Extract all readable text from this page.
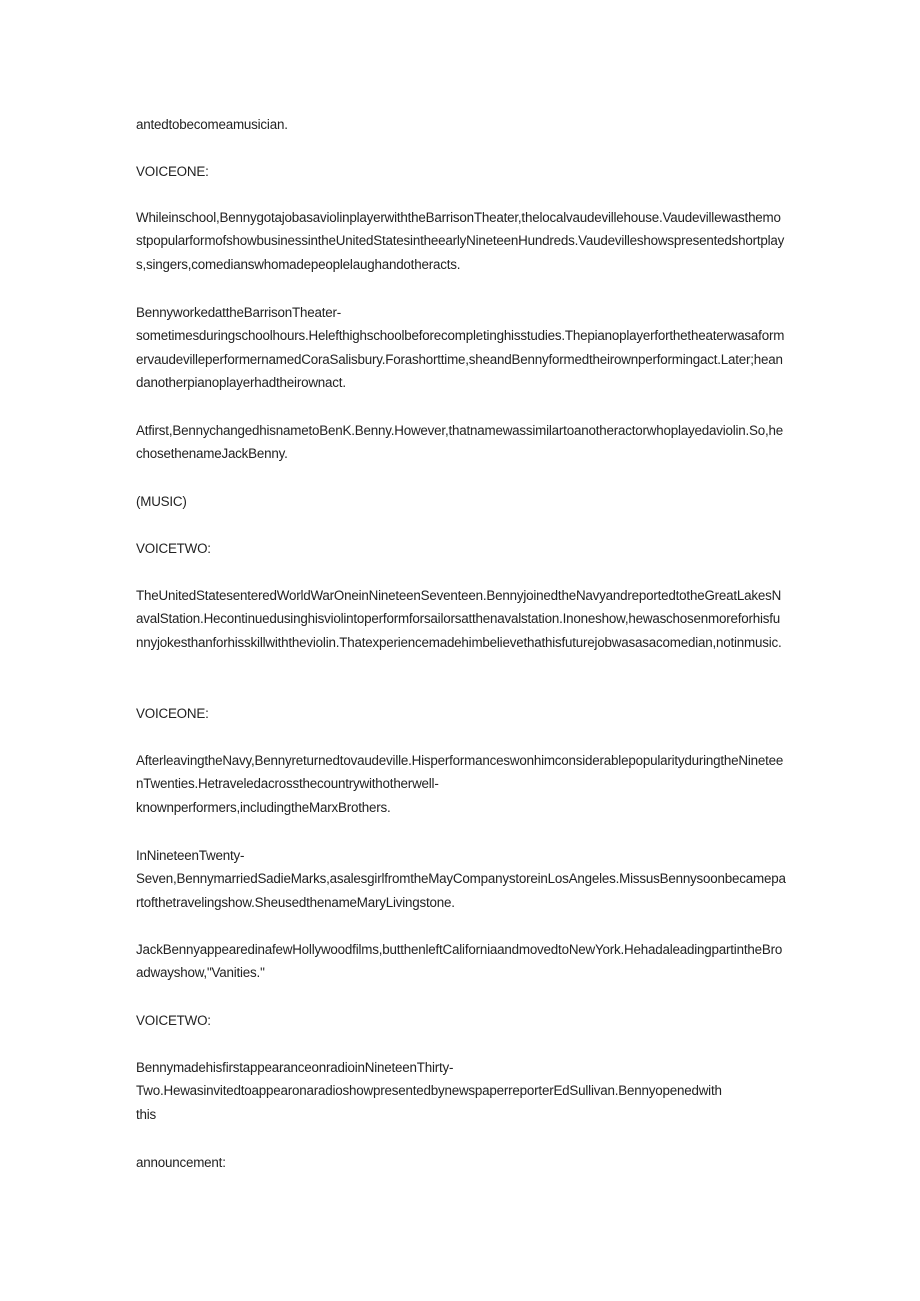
antedtobecomeamusician.

VOICEONE:

Whileinschool,BennygotajobasaviolinplayerwiththeBarrisonTheater,thelocalvaudevillehouse.VaudevillewasthemostpopularformofshowbusinessintheUnitedStatesintheearlyNineteenHundreds.Vaudevilleshowspresentedshortplays,singers,comedianswhomadepeoplelaughandotheracts.

BennyworkedattheBarrisonTheater-
sometimesduringschoolhours.Helefthighschoolbeforecompletinghisstudies.ThepianoplayerforthetheaterwasaformervaudevilleperformernamedCoraSalisbury.Forashorttime,sheandBennyformedtheirownperformingact.Later;heandanotherpianoplayerhadtheirownact.

Atfirst,BennychangedhisnametoBenK.Benny.However,thatnamewassimilartoanotheractorwhoplayedaviolin.So,hechosethenameJackBenny.

(MUSIC)

VOICETWO:

TheUnitedStatesenteredWorldWarOneinNineteenSeventeen.BennyjoinedtheNavyandreportedtotheGreatLakesNavalStation.Hecontinuedusinghisviolintoperformforsailorsatthenavalstation.Inoneshow,hewaschosenmoreforhisfunnyjokesthanforhisskillwiththeviolin.Thatexperiencemadehimbelievethathisfuturejobwasasacomedian,notinmusic.

VOICEONE:

AfterleavingtheNavy,Bennyreturnedtovaudeville.HisperformanceswonhimconsiderablepopularityduringtheNineteenTwenties.Hetraveledacrossthecountrywithotherwell-
knownperformers,includingtheMarxBrothers.

InNineteenTwenty-
Seven,BennymarriedSadieMarks,asalesgirlfromtheMayCompanystoreinLosAngeles.MissusBennysoonbecamepartofthetravelingshow.ShеusedthenameMaryLivingstone.

JackBennyappearedinafewHollywoodfilms,butthenleftCaliforniaandmovedtoNewYork.HehadaleadingpartintheBroadwayshow,"Vanities."

VOICETWO:

BennymadehisfirstappearanceonradioinNineteenThirty-
Two.HewasinvitedtoappearonaradioshowpresentedbynewspaperreporterEdSullivan.Bennyopenedwith
this

announcement:
